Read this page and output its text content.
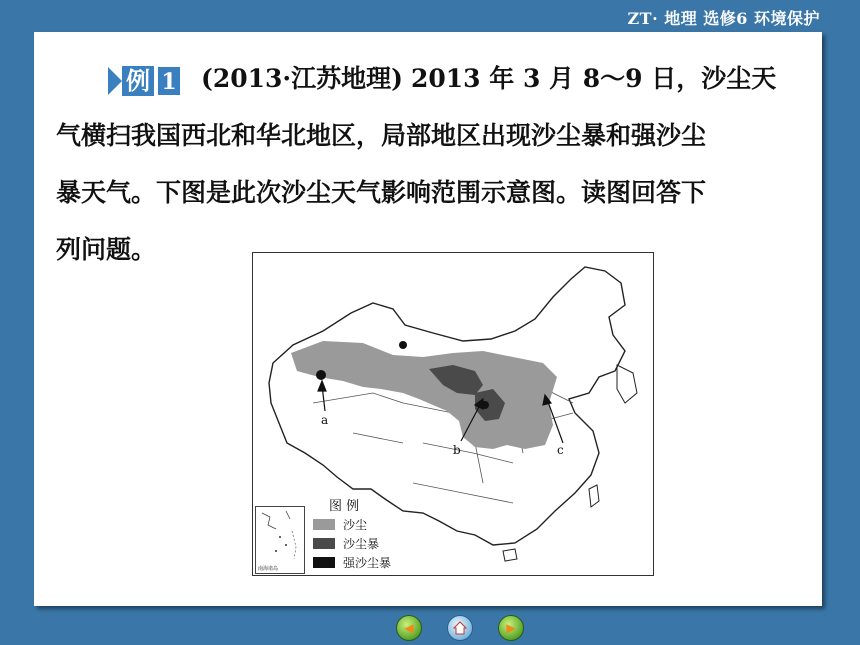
ZT· 地理 选修6 环境保护
例 1 (2013·江苏地理) 2013 年 3 月 8～9 日，沙尘天
气横扫我国西北和华北地区，局部地区出现沙尘暴和强沙尘
暴天气。下图是此次沙尘天气影响范围示意图。读图回答下
列问题。
a
b	c
南海诸岛
图 例
沙尘
沙尘暴
强沙尘暴
◀	▶
